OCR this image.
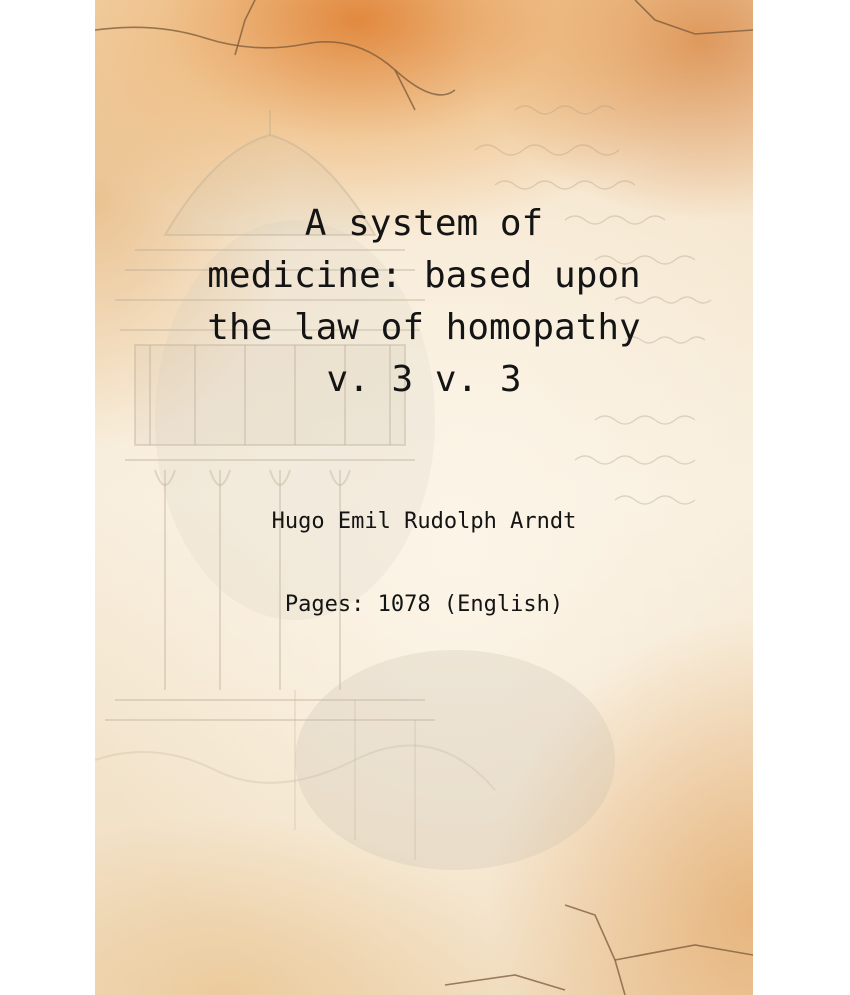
A system of
medicine: based upon
the law of homopathy
v. 3 v. 3
Hugo Emil Rudolph Arndt
Pages: 1078 (English)
